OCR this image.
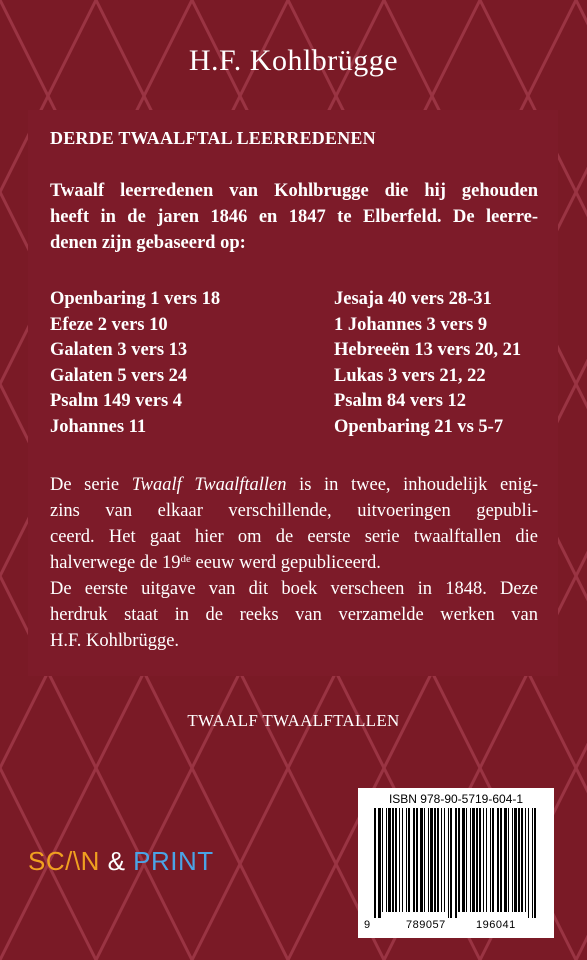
H.F. Kohlbrügge
DERDE TWAALFTAL LEERREDENEN
Twaalf leerredenen van Kohlbrugge die hij gehouden
heeft in de jaren 1846 en 1847 te Elberfeld. De leerre-
denen zijn gebaseerd op:
Openbaring 1 vers 18
Efeze 2 vers 10
Galaten 3 vers 13
Galaten 5 vers 24
Psalm 149 vers 4
Johannes 11
Jesaja 40 vers 28-31
1 Johannes 3 vers 9
Hebreeën 13 vers 20, 21
Lukas 3 vers 21, 22
Psalm 84 vers 12
Openbaring 21 vs 5-7
De serie Twaalf Twaalftallen is in twee, inhoudelijk enig-
zins van elkaar verschillende, uitvoeringen gepubli-
ceerd. Het gaat hier om de eerste serie twaalftallen die
halverwege de 19de eeuw werd gepubliceerd.
De eerste uitgave van dit boek verscheen in 1848. Deze
herdruk staat in de reeks van verzamelde werken van
H.F. Kohlbrügge.
TWAALF TWAALFTALLEN
SC/\N & PRINT
ISBN 978-90-5719-604-1
9	789057	196041
